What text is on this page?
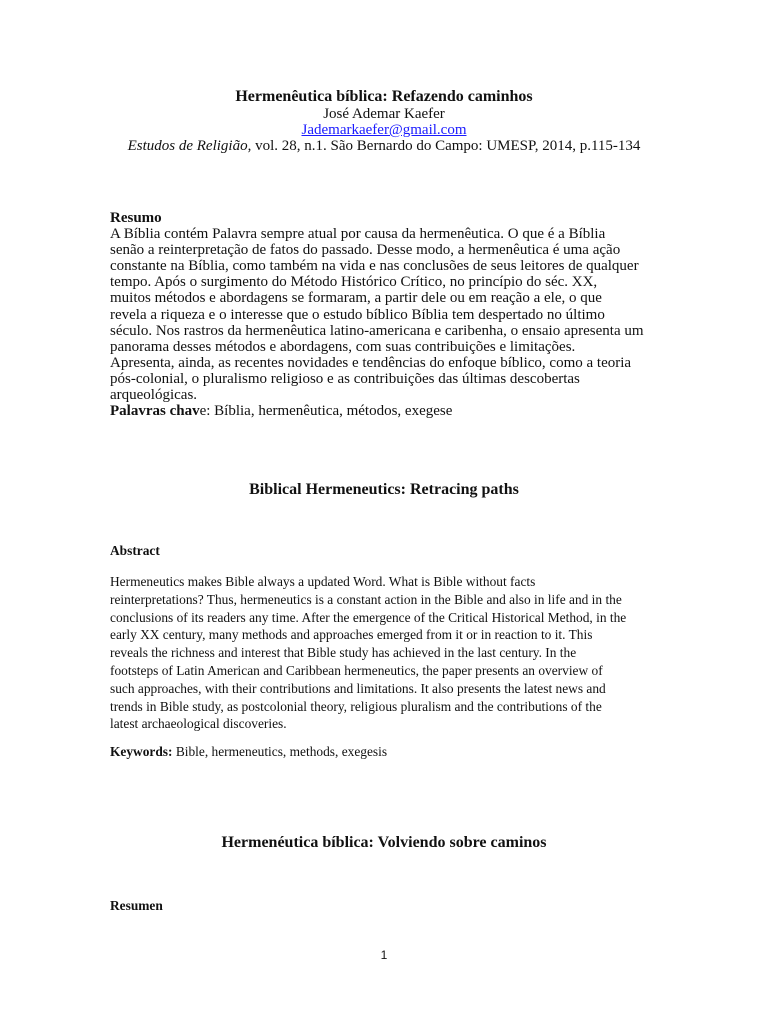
Hermenêutica bíblica: Refazendo caminhos
José Ademar Kaefer
Jademarkaefer@gmail.com
Estudos de Religião, vol. 28, n.1. São Bernardo do Campo: UMESP, 2014, p.115-134
Resumo
A Bíblia contém Palavra sempre atual por causa da hermenêutica. O que é a Bíblia
senão a reinterpretação de fatos do passado. Desse modo, a hermenêutica é uma ação
constante na Bíblia, como também na vida e nas conclusões de seus leitores de qualquer
tempo. Após o surgimento do Método Histórico Crítico, no princípio do séc. XX,
muitos métodos e abordagens se formaram, a partir dele ou em reação a ele, o que
revela a riqueza e o interesse que o estudo bíblico Bíblia tem despertado no último
século. Nos rastros da hermenêutica latino-americana e caribenha, o ensaio apresenta um
panorama desses métodos e abordagens, com suas contribuições e limitações.
Apresenta, ainda, as recentes novidades e tendências do enfoque bíblico, como a teoria
pós-colonial, o pluralismo religioso e as contribuições das últimas descobertas
arqueológicas.
Palavras chave: Bíblia, hermenêutica, métodos, exegese
Biblical Hermeneutics: Retracing paths
Abstract
Hermeneutics makes Bible always a updated Word. What is Bible without facts
reinterpretations? Thus, hermeneutics is a constant action in the Bible and also in life and in the
conclusions of its readers any time. After the emergence of the Critical Historical Method, in the
early XX century, many methods and approaches emerged from it or in reaction to it. This
reveals the richness and interest that Bible study has achieved in the last century. In the
footsteps of Latin American and Caribbean hermeneutics, the paper presents an overview of
such approaches, with their contributions and limitations. It also presents the latest news and
trends in Bible study, as postcolonial theory, religious pluralism and the contributions of the
latest archaeological discoveries.
Keywords: Bible, hermeneutics, methods, exegesis
Hermenéutica bíblica: Volviendo sobre caminos
Resumen
1
